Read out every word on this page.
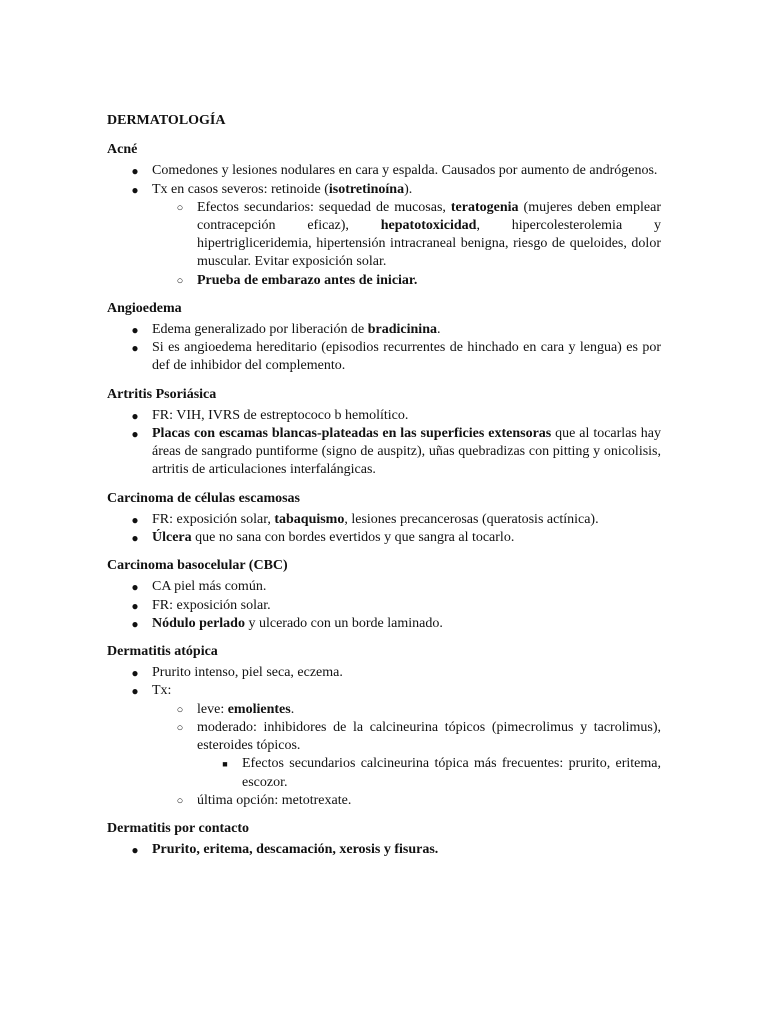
DERMATOLOGÍA
Acné
● Comedones y lesiones nodulares en cara y espalda. Causados por aumento de andrógenos.
● Tx en casos severos: retinoide (isotretinoína).
○ Efectos secundarios: sequedad de mucosas, teratogenia (mujeres deben emplear contracepción eficaz), hepatotoxicidad, hipercolesterolemia y hipertrigliceridemia, hipertensión intracraneal benigna, riesgo de queloides, dolor muscular. Evitar exposición solar.
○ Prueba de embarazo antes de iniciar.
Angioedema
● Edema generalizado por liberación de bradicinina.
● Si es angioedema hereditario (episodios recurrentes de hinchado en cara y lengua) es por def de inhibidor del complemento.
Artritis Psoriásica
● FR: VIH, IVRS de estreptococo b hemolítico.
● Placas con escamas blancas-plateadas en las superficies extensoras que al tocarlas hay áreas de sangrado puntiforme (signo de auspitz), uñas quebradizas con pitting y onicolisis, artritis de articulaciones interfalángicas.
Carcinoma de células escamosas
● FR: exposición solar, tabaquismo, lesiones precancerosas (queratosis actínica).
● Úlcera que no sana con bordes evertidos y que sangra al tocarlo.
Carcinoma basocelular (CBC)
● CA piel más común.
● FR: exposición solar.
● Nódulo perlado y ulcerado con un borde laminado.
Dermatitis atópica
● Prurito intenso, piel seca, eczema.
● Tx:
○ leve: emolientes.
○ moderado: inhibidores de la calcineurina tópicos (pimecrolimus y tacrolimus), esteroides tópicos.
■	Efectos secundarios calcineurina tópica más frecuentes: prurito, eritema, escozor.
○ última opción: metotrexate.
Dermatitis por contacto
● Prurito, eritema, descamación, xerosis y fisuras.
